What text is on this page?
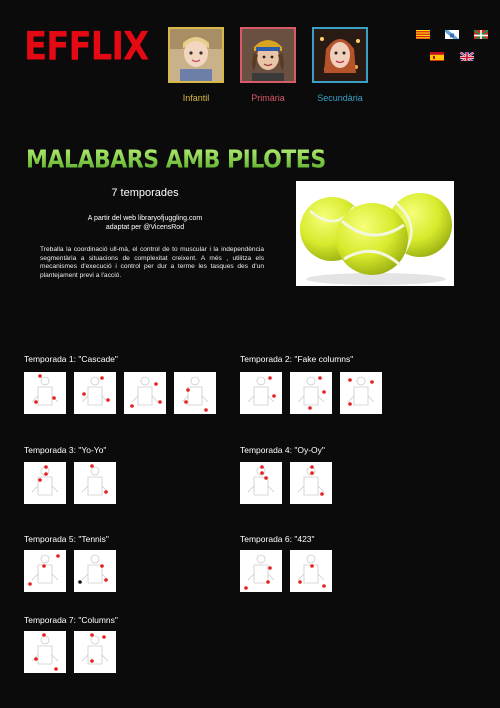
EFFLIX
Infantil	Primària	Secundària
MALABARS AMB PILOTES
7 temporades
A partir del web libraryofjuggling.com
adaptat per @VicensRod
Treballa la coordinació ull-mà, el control de to muscular i la independència segmentària a situacions de complexitat creixent. A més , utilitza els mecanismes d'execució i control per dur a terme les tasques des d'un plantejament previ a l'acció.
Temporada 1: "Cascade"	Temporada 2: "Fake columns"
Temporada 3: "Yo-Yo"	Temporada 4: "Oy-Oy"
Temporada 5: "Tennis"	Temporada 6: "423"
Temporada 7: "Columns"
